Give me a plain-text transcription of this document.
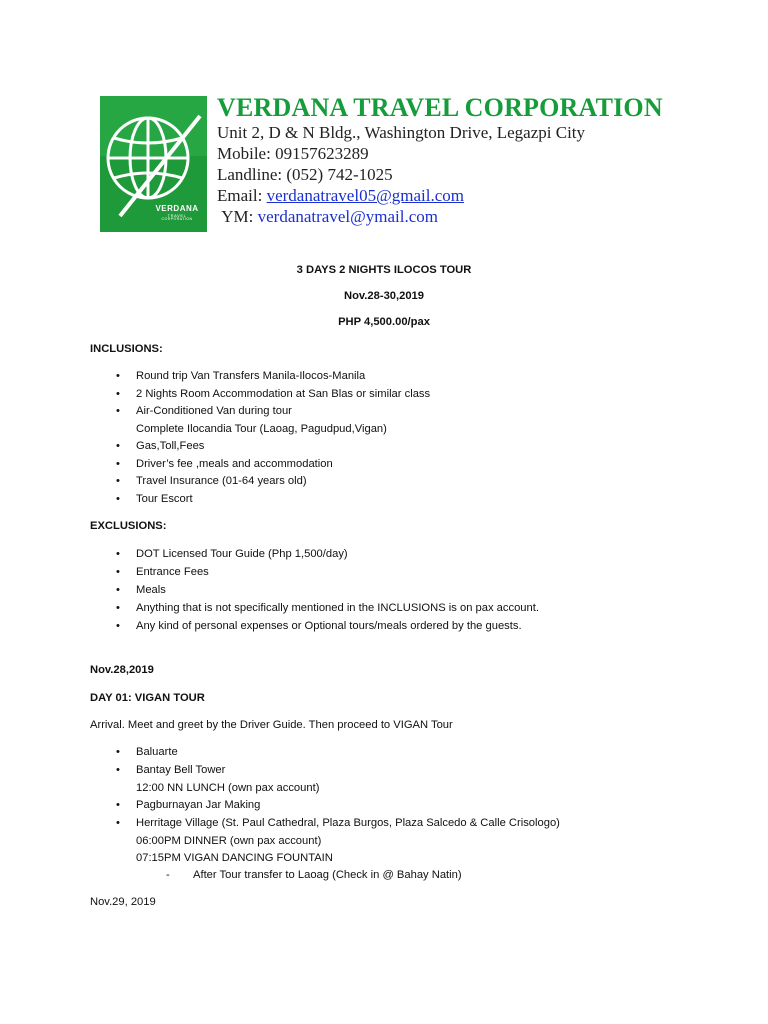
VERDANA
TRAVEL
CORPORATION
VERDANA TRAVEL CORPORATION
Unit 2, D & N Bldg., Washington Drive, Legazpi City
Mobile: 09157623289
Landline: (052) 742-1025
Email: verdanatravel05@gmail.com
YM: verdanatravel@ymail.com
3 DAYS 2 NIGHTS ILOCOS TOUR
Nov.28-30,2019
PHP 4,500.00/pax
INCLUSIONS:
• Round trip Van Transfers Manila-Ilocos-Manila
• 2 Nights Room Accommodation at San Blas or similar class
• Air-Conditioned Van during tour
Complete Ilocandia Tour (Laoag, Pagudpud,Vigan)
• Gas,Toll,Fees
• Driver’s fee ,meals and accommodation
• Travel Insurance (01-64 years old)
• Tour Escort
EXCLUSIONS:
• DOT Licensed Tour Guide (Php 1,500/day)
• Entrance Fees
• Meals
• Anything that is not specifically mentioned in the INCLUSIONS is on pax account.
• Any kind of personal expenses or Optional tours/meals ordered by the guests.
Nov.28,2019
DAY 01: VIGAN TOUR
Arrival. Meet and greet by the Driver Guide. Then proceed to VIGAN Tour
• Baluarte
• Bantay Bell Tower
12:00 NN LUNCH (own pax account)
• Pagburnayan Jar Making
• Herritage Village (St. Paul Cathedral, Plaza Burgos, Plaza Salcedo & Calle Crisologo)
06:00PM DINNER (own pax account)
07:15PM VIGAN DANCING FOUNTAIN
- After Tour transfer to Laoag (Check in @ Bahay Natin)
Nov.29, 2019
